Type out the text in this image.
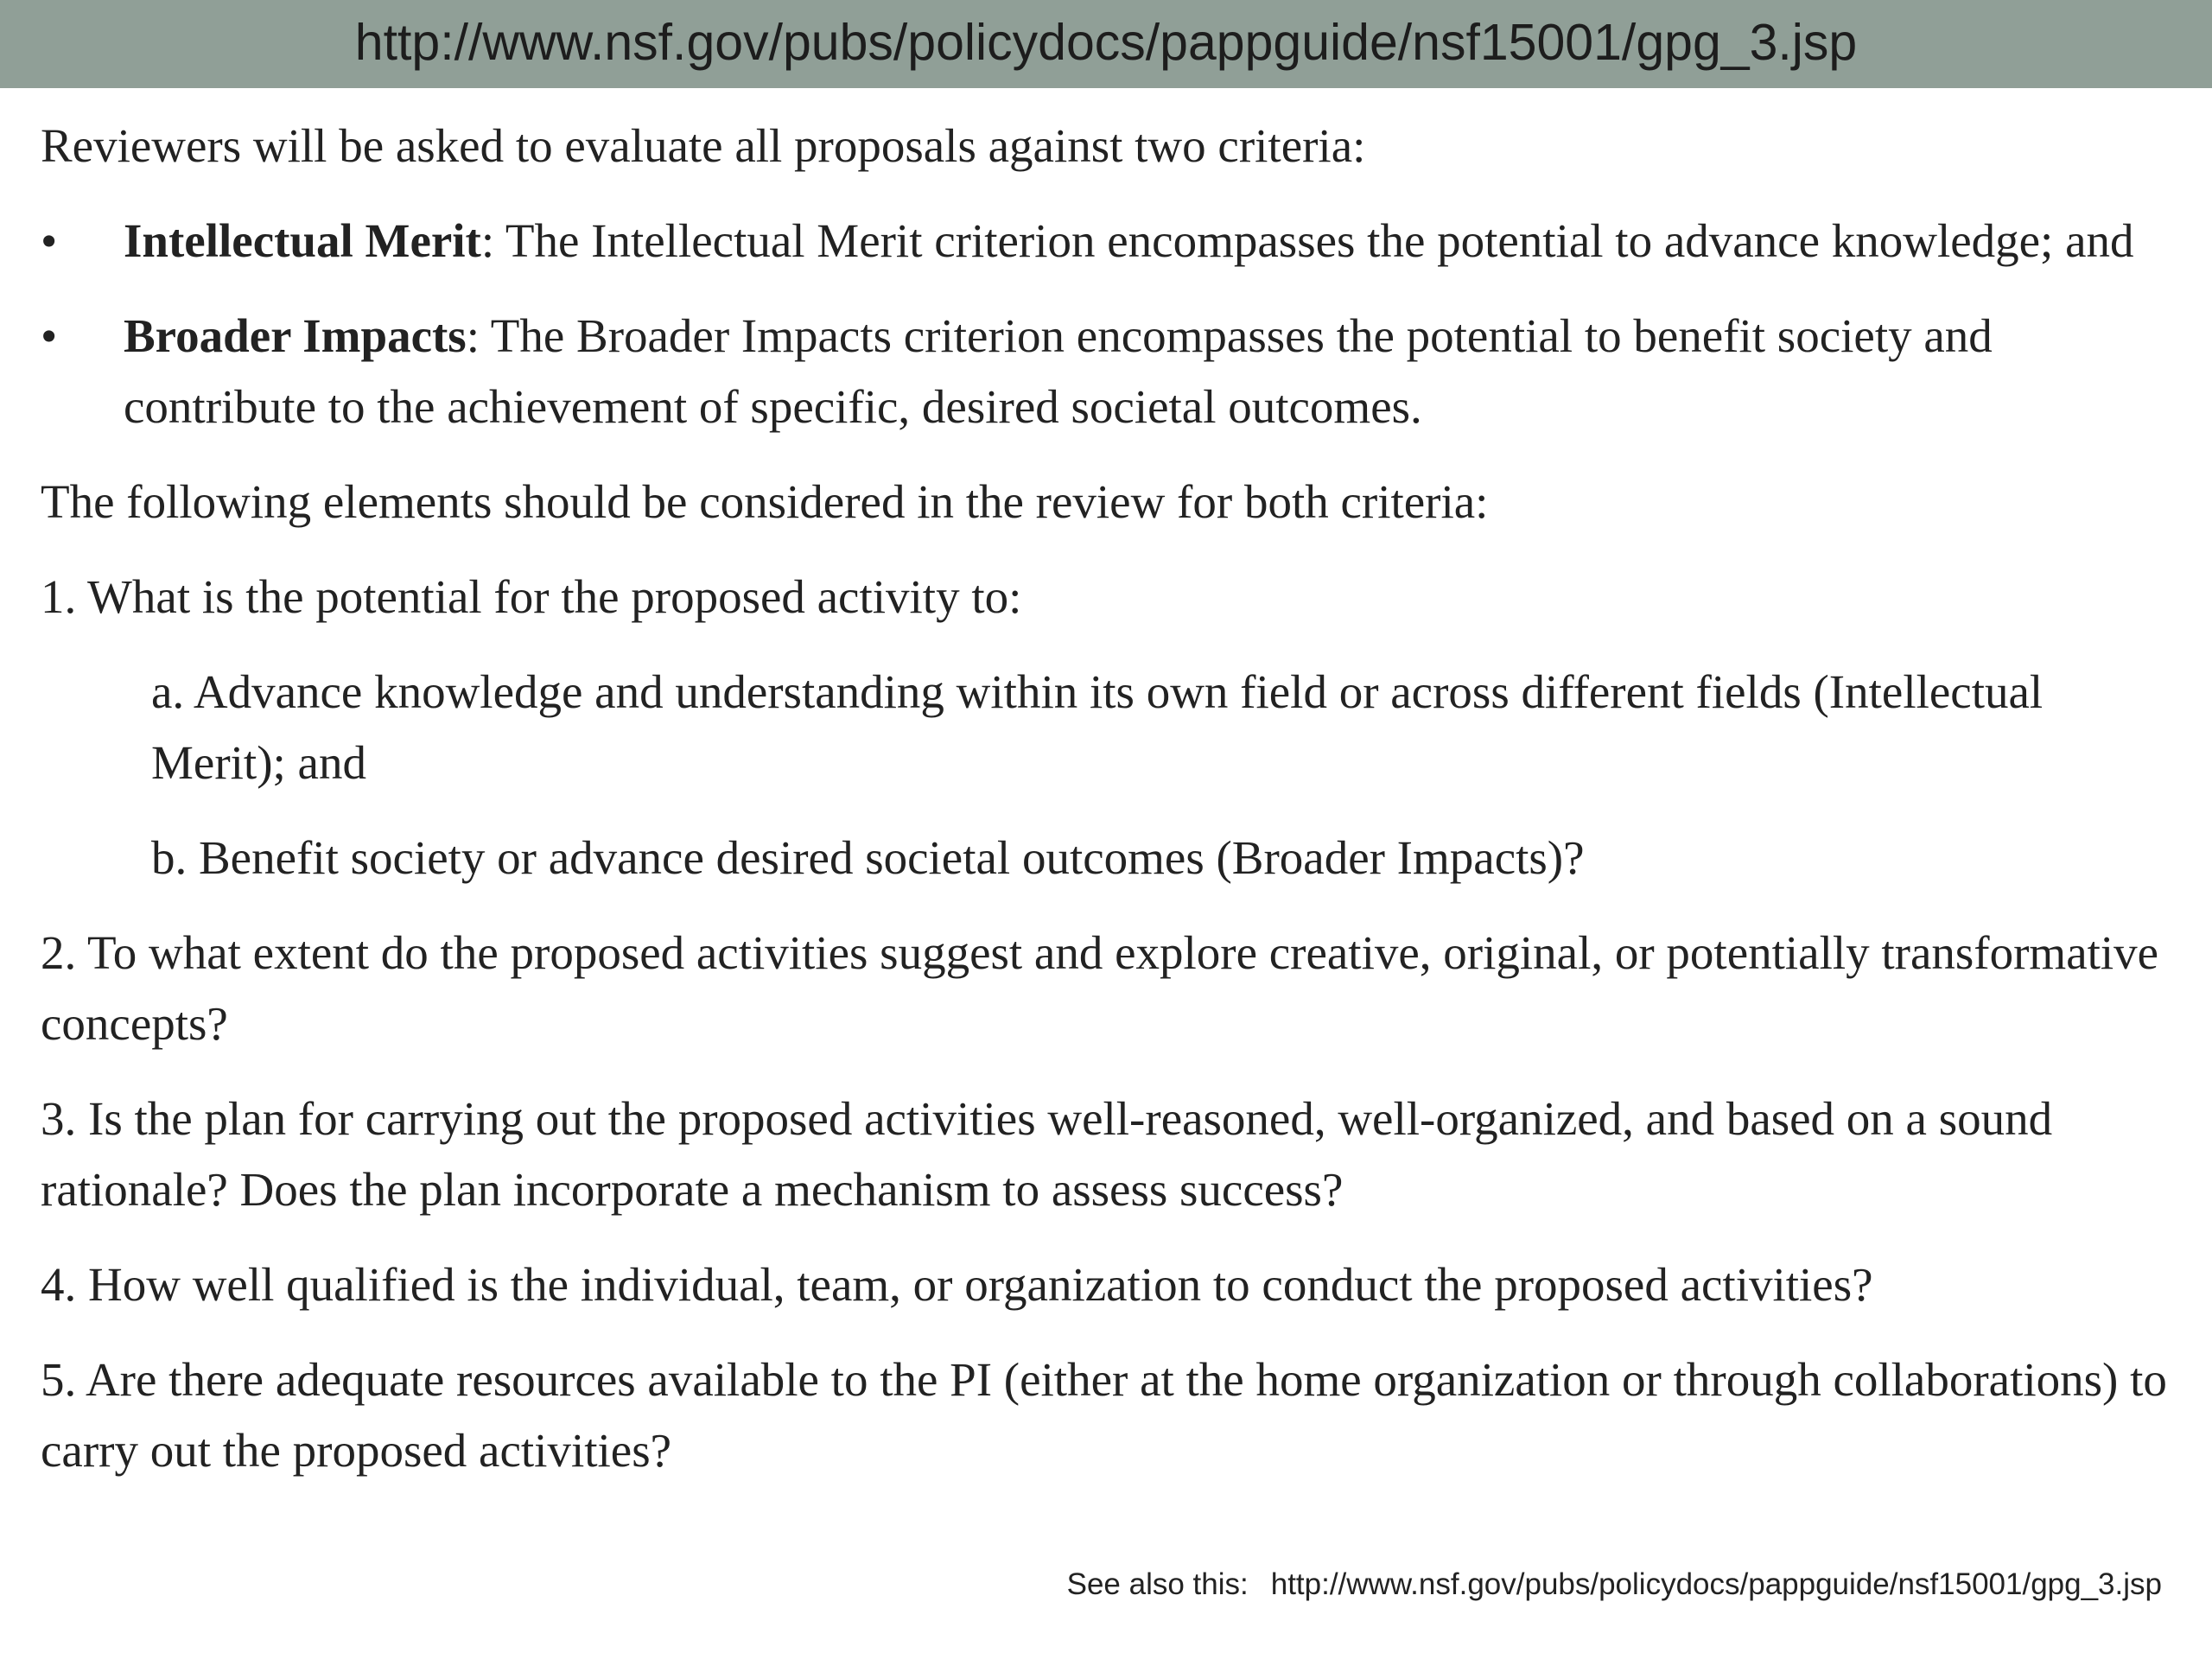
http://www.nsf.gov/pubs/policydocs/pappguide/nsf15001/gpg_3.jsp

Reviewers will be asked to evaluate all proposals against two criteria:

•	Intellectual Merit: The Intellectual Merit criterion encompasses the potential to advance knowledge; and
•	Broader Impacts: The Broader Impacts criterion encompasses the potential to benefit society and contribute to the achievement of specific, desired societal outcomes.

The following elements should be considered in the review for both criteria:

1. What is the potential for the proposed activity to:

a. Advance knowledge and understanding within its own field or across different fields (Intellectual Merit); and

b. Benefit society or advance desired societal outcomes (Broader Impacts)?

2. To what extent do the proposed activities suggest and explore creative, original, or potentially transformative concepts?

3. Is the plan for carrying out the proposed activities well-reasoned, well-organized, and based on a sound rationale? Does the plan incorporate a mechanism to assess success?

4. How well qualified is the individual, team, or organization to conduct the proposed activities?

5. Are there adequate resources available to the PI (either at the home organization or through collaborations) to carry out the proposed activities?

See also this: http://www.nsf.gov/pubs/policydocs/pappguide/nsf15001/gpg_3.jsp
